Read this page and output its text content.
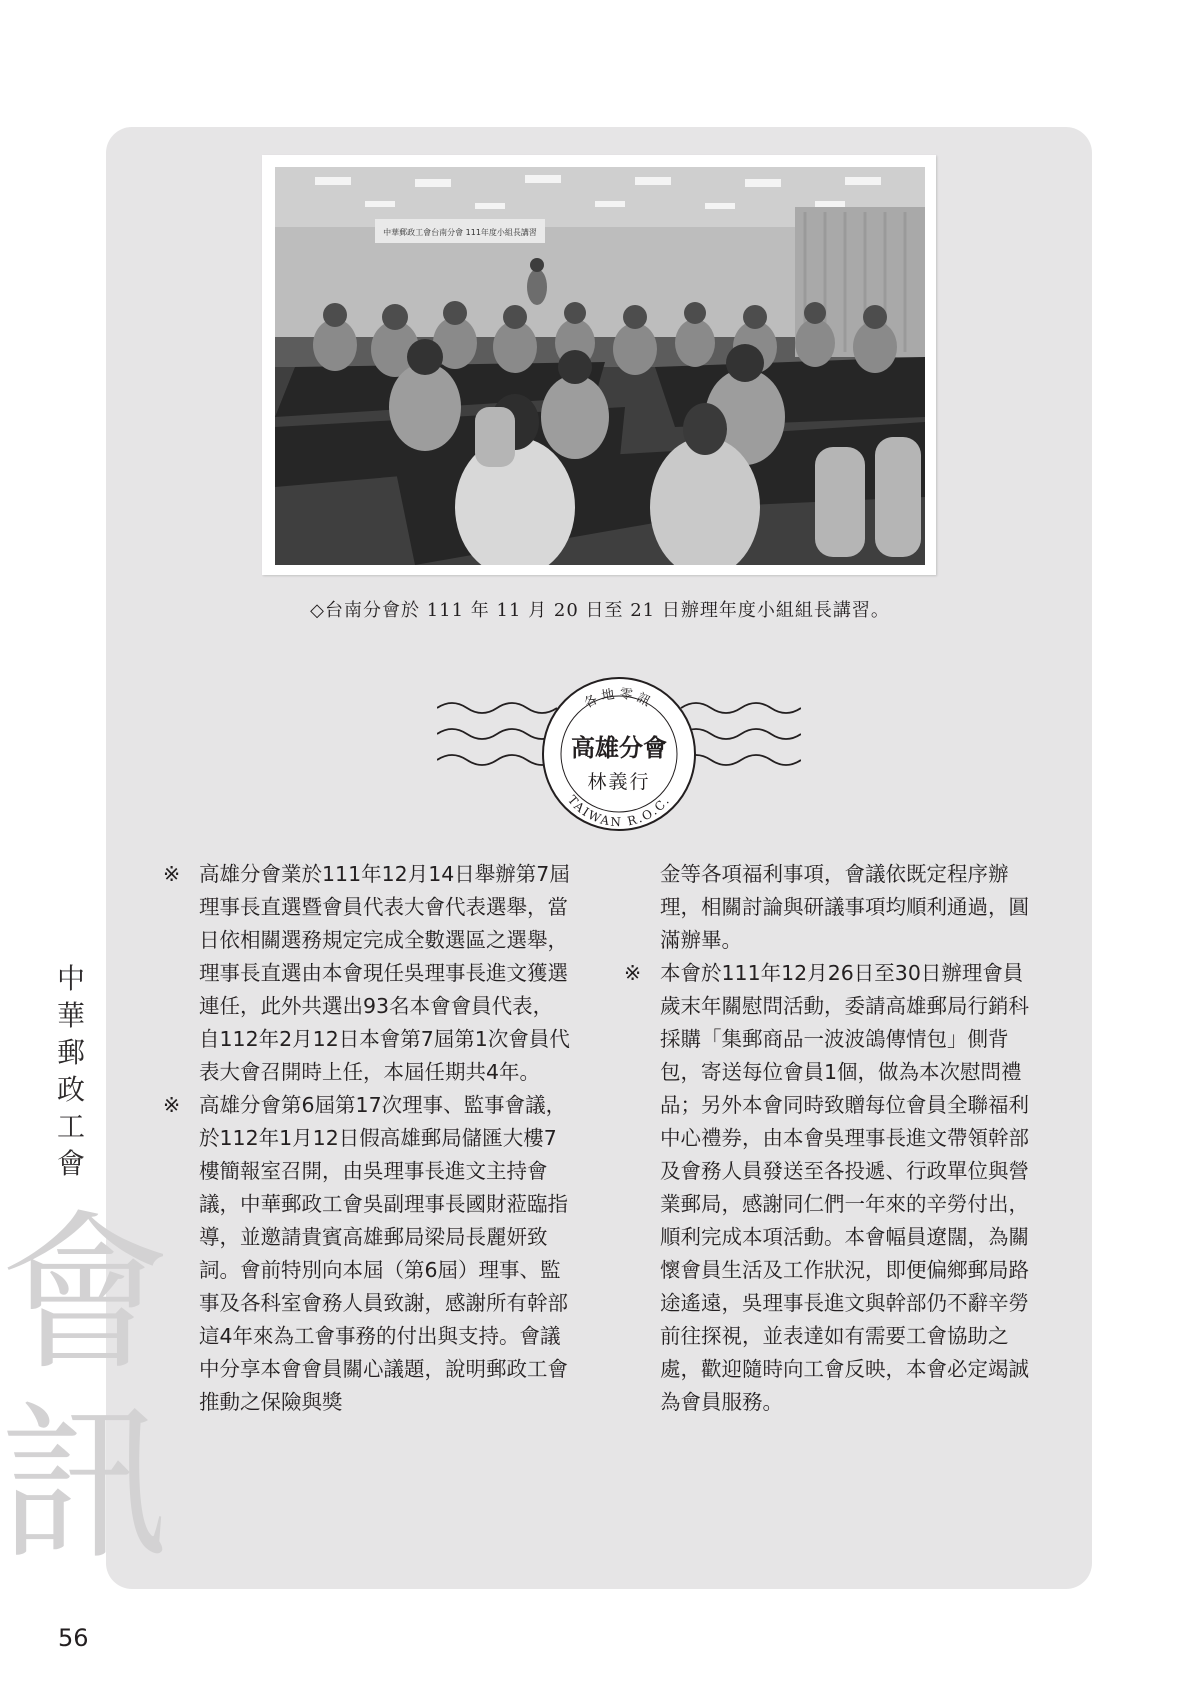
中
華
郵
政
工
會
會
訊
中華郵政工會台南分會 111年度小組長講習
◇台南分會於 111 年 11 月 20 日至 21 日辦理年度小組組長講習。
各地零訊
高雄分會
林義行
TAIWAN R.O.C.

※ 高雄分會業於111年12月14日舉辦第7屆理事長直選暨會員代表大會代表選舉，當日依相關選務規定完成全數選區之選舉，理事長直選由本會現任吳理事長進文獲選連任，此外共選出93名本會會員代表，自112年2月12日本會第7屆第1次會員代表大會召開時上任，本屆任期共4年。

※ 高雄分會第6屆第17次理事、監事會議，於112年1月12日假高雄郵局儲匯大樓7樓簡報室召開，由吳理事長進文主持會議，中華郵政工會吳副理事長國財蒞臨指導，並邀請貴賓高雄郵局梁局長麗妍致詞。會前特別向本屆（第6屆）理事、監事及各科室會務人員致謝，感謝所有幹部這4年來為工會事務的付出與支持。會議中分享本會會員關心議題，說明郵政工會推動之保險與獎

金等各項福利事項，會議依既定程序辦理，相關討論與研議事項均順利通過，圓滿辦畢。

※ 本會於111年12月26日至30日辦理會員歲末年關慰問活動，委請高雄郵局行銷科採購「集郵商品一波波鴿傳情包」側背包，寄送每位會員1個，做為本次慰問禮品；另外本會同時致贈每位會員全聯福利中心禮券，由本會吳理事長進文帶領幹部及會務人員發送至各投遞、行政單位與營業郵局，感謝同仁們一年來的辛勞付出，順利完成本項活動。本會幅員遼闊，為關懷會員生活及工作狀況，即便偏鄉郵局路途遙遠，吳理事長進文與幹部仍不辭辛勞前往探視，並表達如有需要工會協助之處，歡迎隨時向工會反映，本會必定竭誠為會員服務。

56
